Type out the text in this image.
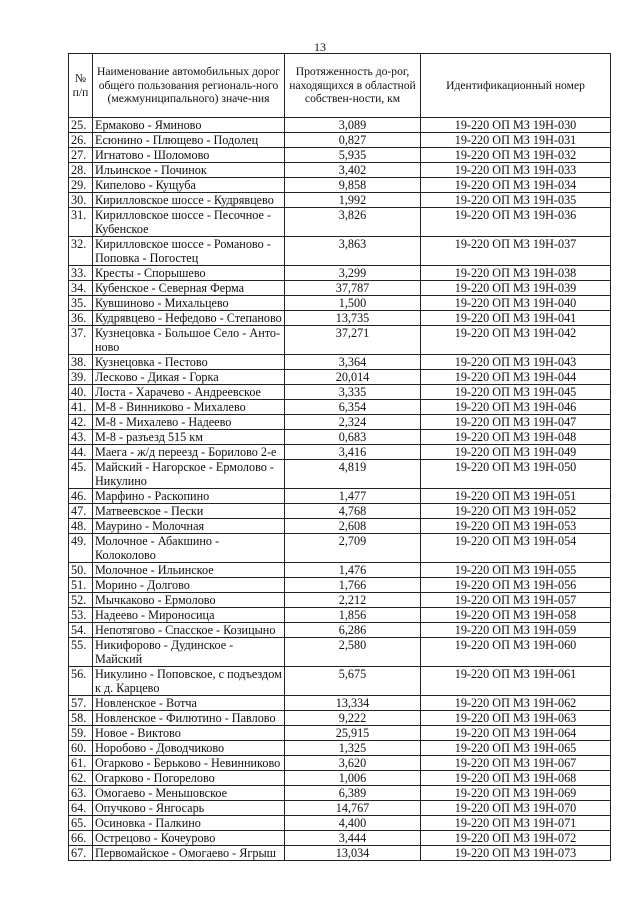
13
№ п/п	Наименование автомобильных дорог общего пользования региональ-ного (межмуниципального) значе-ния	Протяженность до-рог, находящихся в областной собствен-ности, км	Идентификационный номер
25.	Ермаково - Яминово	3,089	19-220 ОП МЗ 19Н-030
26.	Есюнино - Плющево - Подолец	0,827	19-220 ОП МЗ 19Н-031
27.	Игнатово - Шоломово	5,935	19-220 ОП МЗ 19Н-032
28.	Ильинское - Починок	3,402	19-220 ОП МЗ 19Н-033
29.	Кипелово - Кущуба	9,858	19-220 ОП МЗ 19Н-034
30.	Кирилловское шоссе - Кудрявцево	1,992	19-220 ОП МЗ 19Н-035
31.	Кирилловское шоссе - Песочное - Кубенское	3,826	19-220 ОП МЗ 19Н-036
32.	Кирилловское шоссе - Романово - Поповка - Погостец	3,863	19-220 ОП МЗ 19Н-037
33.	Кресты - Спорышево	3,299	19-220 ОП МЗ 19Н-038
34.	Кубенское - Северная Ферма	37,787	19-220 ОП МЗ 19Н-039
35.	Кувшиново - Михальцево	1,500	19-220 ОП МЗ 19Н-040
36.	Кудрявцево - Нефедово - Степаново	13,735	19-220 ОП МЗ 19Н-041
37.	Кузнецовка - Большое Село - Анто-ново	37,271	19-220 ОП МЗ 19Н-042
38.	Кузнецовка - Пестово	3,364	19-220 ОП МЗ 19Н-043
39.	Лесково - Дикая - Горка	20,014	19-220 ОП МЗ 19Н-044
40.	Лоста - Харачево - Андреевское	3,335	19-220 ОП МЗ 19Н-045
41.	М-8 - Винниково - Михалево	6,354	19-220 ОП МЗ 19Н-046
42.	М-8 - Михалево - Надеево	2,324	19-220 ОП МЗ 19Н-047
43.	М-8 - разъезд 515 км	0,683	19-220 ОП МЗ 19Н-048
44.	Маега - ж/д переезд - Борилово 2-е	3,416	19-220 ОП МЗ 19Н-049
45.	Майский - Нагорское - Ермолово - Никулино	4,819	19-220 ОП МЗ 19Н-050
46.	Марфино - Раскопино	1,477	19-220 ОП МЗ 19Н-051
47.	Матвеевское - Пески	4,768	19-220 ОП МЗ 19Н-052
48.	Маурино - Молочная	2,608	19-220 ОП МЗ 19Н-053
49.	Молочное - Абакшино - Колоколово	2,709	19-220 ОП МЗ 19Н-054
50.	Молочное - Ильинское	1,476	19-220 ОП МЗ 19Н-055
51.	Морино - Долгово	1,766	19-220 ОП МЗ 19Н-056
52.	Мычкаково - Ермолово	2,212	19-220 ОП МЗ 19Н-057
53.	Надеево - Мироносица	1,856	19-220 ОП МЗ 19Н-058
54.	Непотягово - Спасское - Козицыно	6,286	19-220 ОП МЗ 19Н-059
55.	Никифорово - Дудинское - Майский	2,580	19-220 ОП МЗ 19Н-060
56.	Никулино - Поповское, с подъездом к д. Карцево	5,675	19-220 ОП МЗ 19Н-061
57.	Новленское - Вотча	13,334	19-220 ОП МЗ 19Н-062
58.	Новленское - Филютино - Павлово	9,222	19-220 ОП МЗ 19Н-063
59.	Новое - Виктово	25,915	19-220 ОП МЗ 19Н-064
60.	Норобово - Доводчиково	1,325	19-220 ОП МЗ 19Н-065
61.	Огарково - Берьково - Невинниково	3,620	19-220 ОП МЗ 19Н-067
62.	Огарково - Погорелово	1,006	19-220 ОП МЗ 19Н-068
63.	Омогаево - Меньшовское	6,389	19-220 ОП МЗ 19Н-069
64.	Опучково - Янгосарь	14,767	19-220 ОП МЗ 19Н-070
65.	Осиновка - Палкино	4,400	19-220 ОП МЗ 19Н-071
66.	Острецово - Кочеурово	3,444	19-220 ОП МЗ 19Н-072
67.	Первомайское - Омогаево - Ягрыш	13,034	19-220 ОП МЗ 19Н-073
